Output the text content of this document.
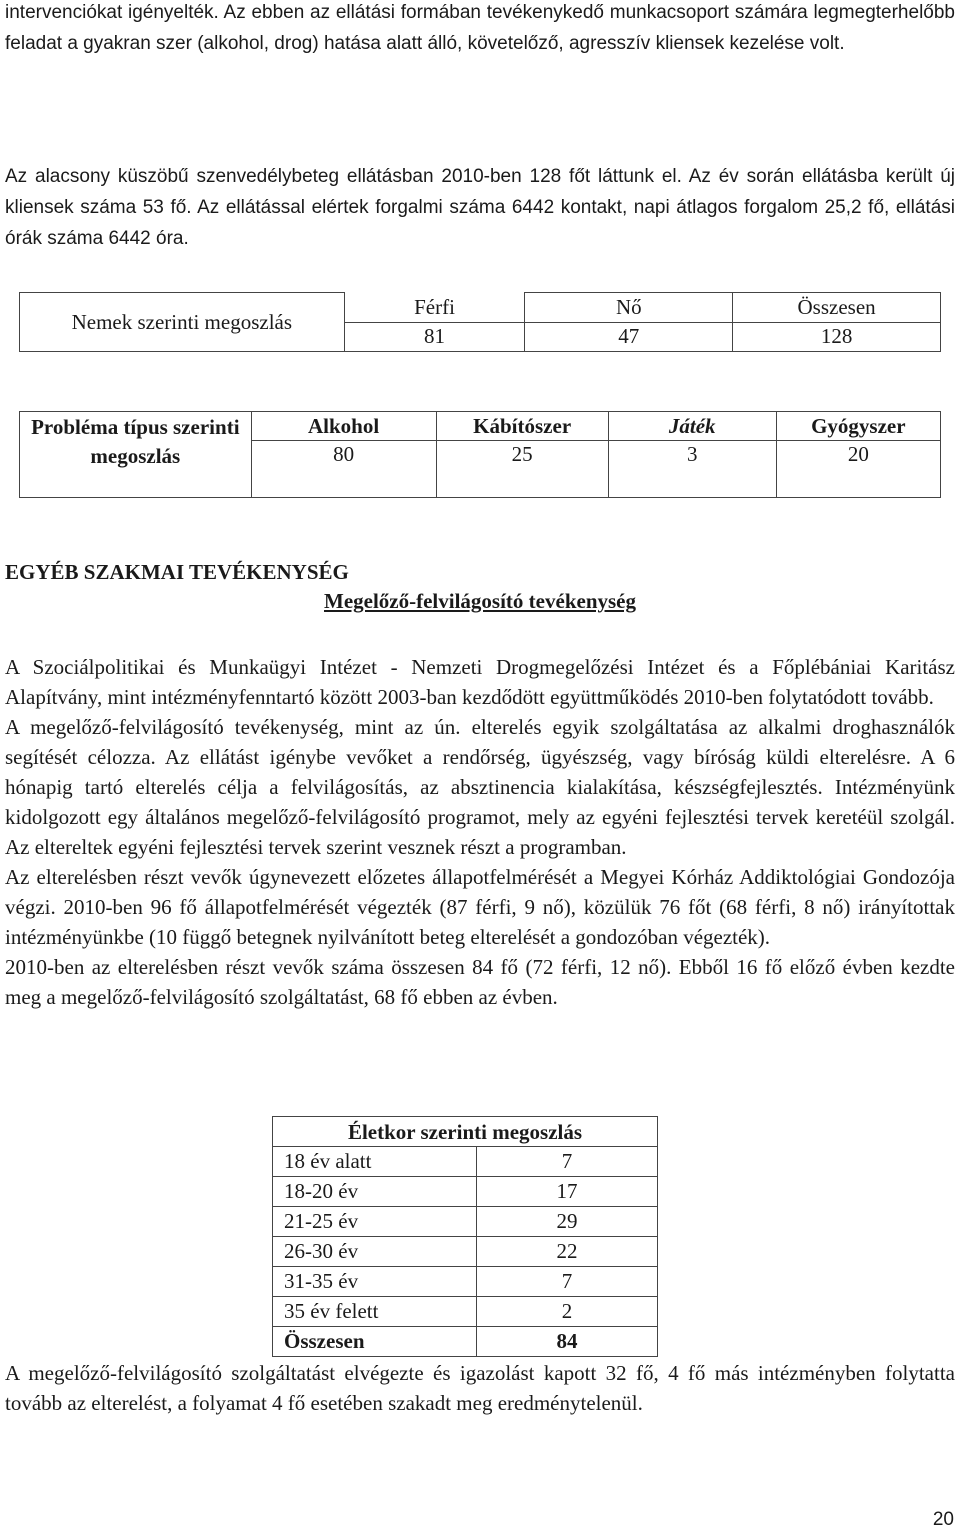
intervenciókat igényelték. Az ebben az ellátási formában tevékenykedő munkacsoport számára legmegterhelőbb feladat a gyakran szer (alkohol, drog) hatása alatt álló, követelőző, agresszív kliensek kezelése volt.

Az alacsony küszöbű szenvedélybeteg ellátásban 2010-ben 128 főt láttunk el. Az év során ellátásba került új kliensek száma 53 fő. Az ellátással elértek forgalmi száma 6442 kontakt, napi átlagos forgalom 25,2 fő, ellátási órák száma 6442 óra.

Nemek szerinti megoszlás	Férfi	Nő	Összesen
	81	47	128
Probléma típus szerinti megoszlás	Alkohol	Kábítószer	Játék	Gyógyszer
	80	25	3	20
EGYÉB SZAKMAI TEVÉKENYSÉG
Megelőző-felvilágosító tevékenység

A Szociálpolitikai és Munkaügyi Intézet - Nemzeti Drogmegelőzési Intézet és a Főplébániai Karitász Alapítvány, mint intézményfenntartó között 2003-ban kezdődött együttműködés 2010-ben folytatódott tovább.

A megelőző-felvilágosító tevékenység, mint az ún. elterelés egyik szolgáltatása az alkalmi droghasználók segítését célozza. Az ellátást igénybe vevőket a rendőrség, ügyészség, vagy bíróság küldi elterelésre. A 6 hónapig tartó elterelés célja a felvilágosítás, az absztinencia kialakítása, készségfejlesztés. Intézményünk kidolgozott egy általános megelőző-felvilágosító programot, mely az egyéni fejlesztési tervek keretéül szolgál. Az eltereltek egyéni fejlesztési tervek szerint vesznek részt a programban.

Az elterelésben részt vevők úgynevezett előzetes állapotfelmérését a Megyei Kórház Addiktológiai Gondozója végzi. 2010-ben 96 fő állapotfelmérését végezték (87 férfi, 9 nő), közülük 76 főt (68 férfi, 8 nő) irányítottak intézményünkbe (10 függő betegnek nyilvánított beteg elterelését a gondozóban végezték).

2010-ben az elterelésben részt vevők száma összesen 84 fő (72 férfi, 12 nő). Ebből 16 fő előző évben kezdte meg a megelőző-felvilágosító szolgáltatást, 68 fő ebben az évben.

Életkor szerinti megoszlás	
18 év alatt	7
18-20 év	17
21-25 év	29
26-30 év	22
31-35 év	7
35 év felett	2
Összesen	84

A megelőző-felvilágosító szolgáltatást elvégezte és igazolást kapott 32 fő, 4 fő más intézményben folytatta tovább az elterelést, a folyamat 4 fő esetében szakadt meg eredménytelenül.

20
